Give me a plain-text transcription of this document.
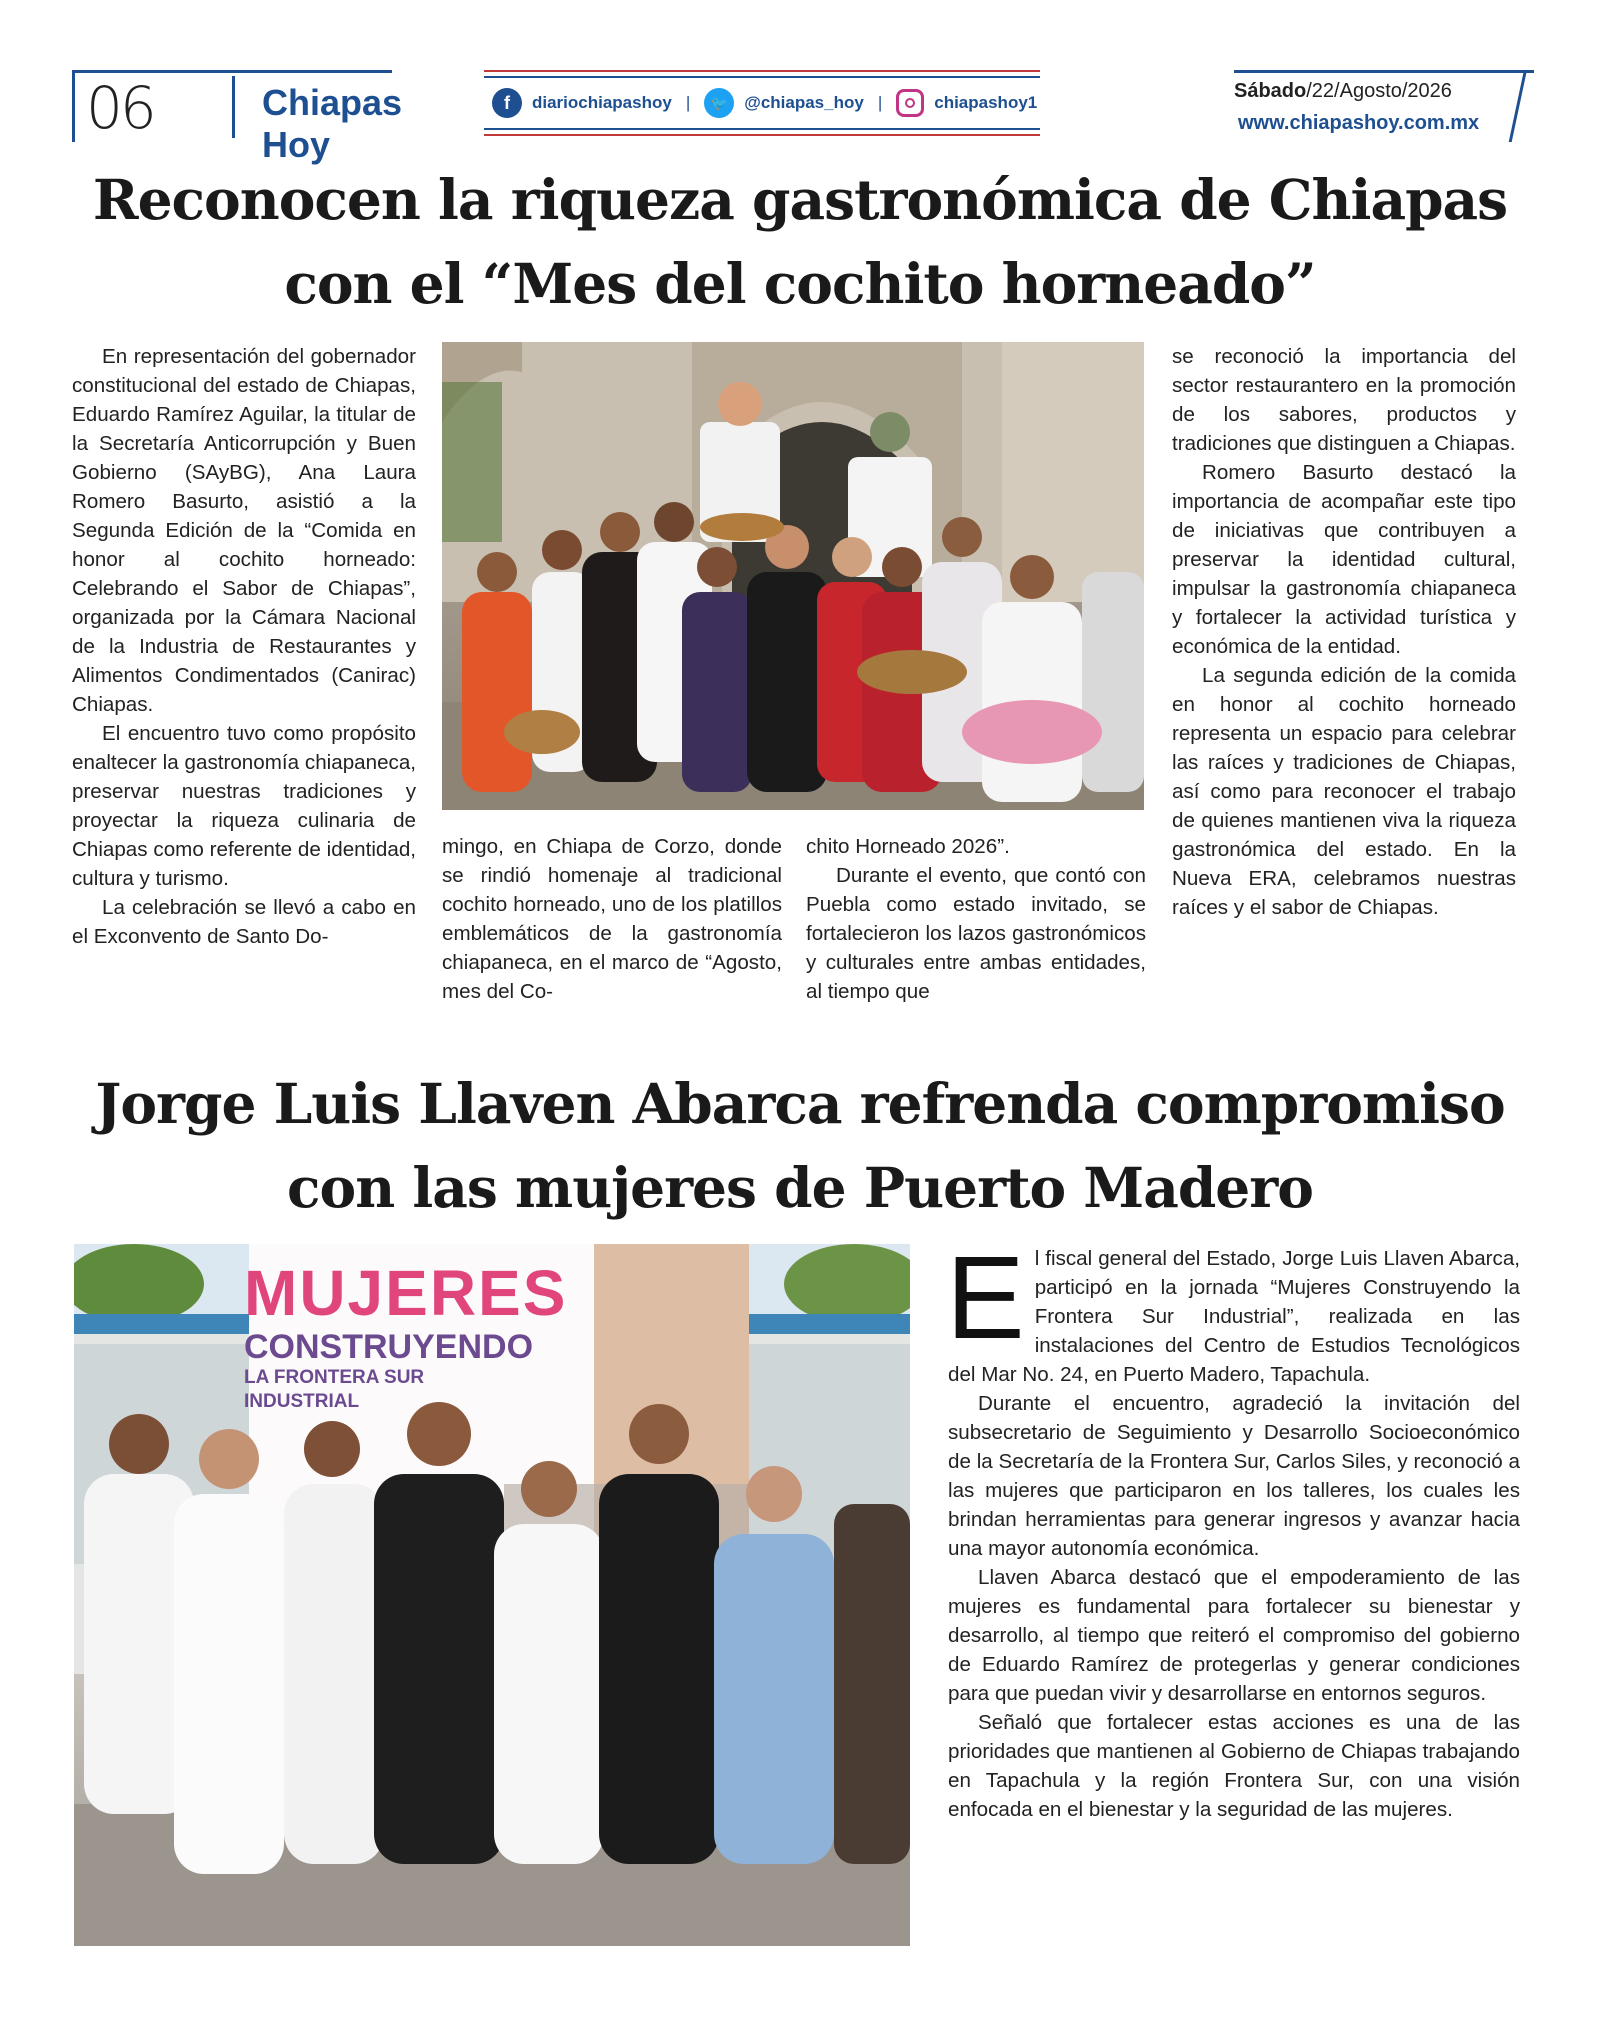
06	Chiapas Hoy
f	diariochiapashoy |	🐦 @chiapas_hoy |	chiapashoy1
Sábado/22/Agosto/2026
www.chiapashoy.com.mx
Reconocen la riqueza gastronómica de Chiapas
con el “Mes del cochito horneado”

En representación del gobernador constitucional del estado de Chiapas, Eduardo Ramírez Aguilar, la titular de la Secretaría Anticorrupción y Buen Gobierno (SAyBG), Ana Laura Romero Basurto, asistió a la Segunda Edición de la “Comida en honor al cochito horneado: Celebrando el Sabor de Chiapas”, organizada por la Cámara Nacional de la Industria de Restaurantes y Alimentos Condimentados (Canirac) Chiapas.

El encuentro tuvo como propósito enaltecer la gastronomía chiapaneca, preservar nuestras tradiciones y proyectar la riqueza culinaria de Chiapas como referente de identidad, cultura y turismo.

La celebración se llevó a cabo en el Exconvento de Santo Do-

mingo, en Chiapa de Corzo, donde se rindió homenaje al tradicional cochito horneado, uno de los platillos emblemáticos de la gastronomía chiapaneca, en el marco de “Agosto, mes del Co-

chito Horneado 2026”.

Durante el evento, que contó con Puebla como estado invitado, se fortalecieron los lazos gastronómicos y culturales entre ambas entidades, al tiempo que

se reconoció la importancia del sector restaurantero en la promoción de los sabores, productos y tradiciones que distinguen a Chiapas.

Romero Basurto destacó la importancia de acompañar este tipo de iniciativas que contribuyen a preservar la identidad cultural, impulsar la gastronomía chiapaneca y fortalecer la actividad turística y económica de la entidad.

La segunda edición de la comida en honor al cochito horneado representa un espacio para celebrar las raíces y tradiciones de Chiapas, así como para reconocer el trabajo de quienes mantienen viva la riqueza gastronómica del estado. En la Nueva ERA, celebramos nuestras raíces y el sabor de Chiapas.

Jorge Luis Llaven Abarca refrenda compromiso
con las mujeres de Puerto Madero
MUJERES
CONSTRUYENDO
LA FRONTERA SUR INDUSTRIAL

El fiscal general del Estado, Jorge Luis Llaven Abarca, participó en la jornada “Mujeres Construyendo la Frontera Sur Industrial”, realizada en las instalaciones del Centro de Estudios Tecnológicos del Mar No. 24, en Puerto Madero, Tapachula.

Durante el encuentro, agradeció la invitación del subsecretario de Seguimiento y Desarrollo Socioeconómico de la Secretaría de la Frontera Sur, Carlos Siles, y reconoció a las mujeres que participaron en los talleres, los cuales les brindan herramientas para generar ingresos y avanzar hacia una mayor autonomía económica.

Llaven Abarca destacó que el empoderamiento de las mujeres es fundamental para fortalecer su bienestar y desarrollo, al tiempo que reiteró el compromiso del gobierno de Eduardo Ramírez de protegerlas y generar condiciones para que puedan vivir y desarrollarse en entornos seguros.

Señaló que fortalecer estas acciones es una de las prioridades que mantienen al Gobierno de Chiapas trabajando en Tapachula y la región Frontera Sur, con una visión enfocada en el bienestar y la seguridad de las mujeres.
